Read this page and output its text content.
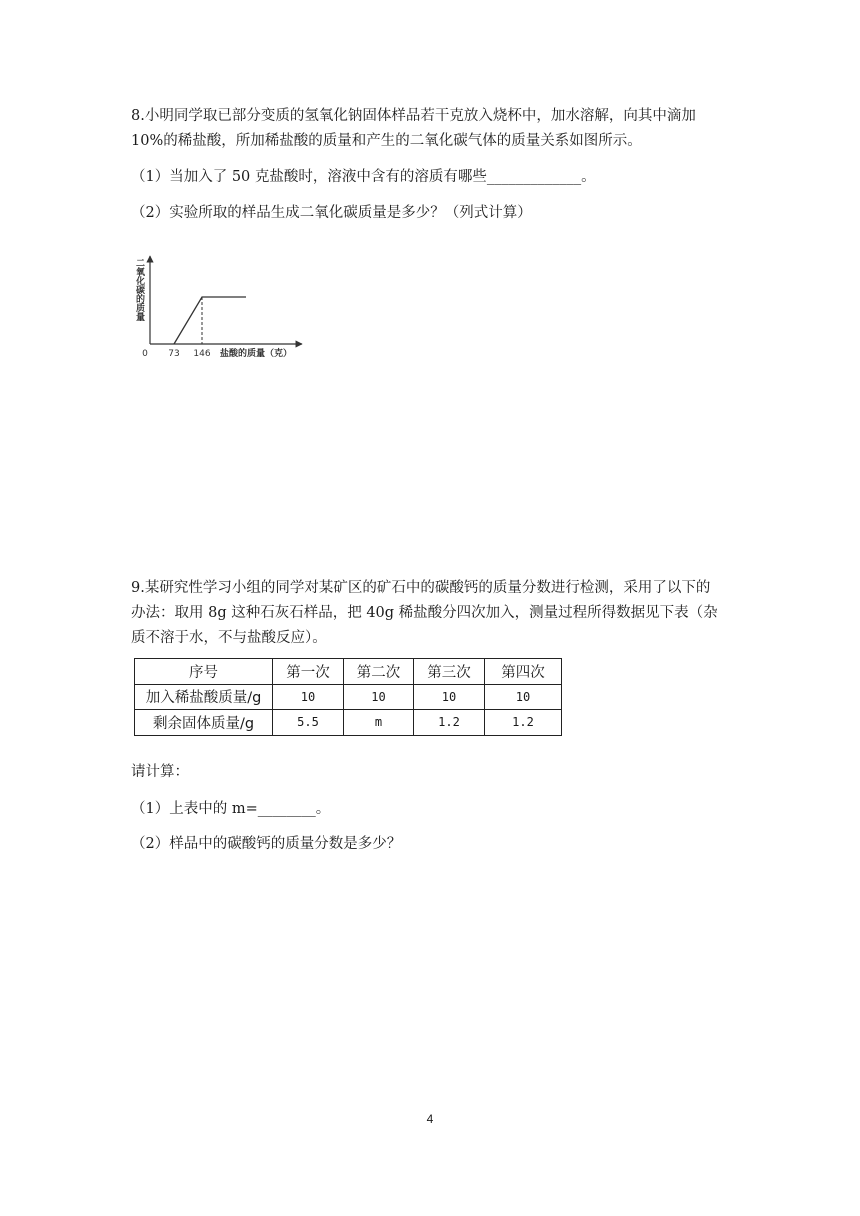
8.小明同学取已部分变质的氢氧化钠固体样品若干克放入烧杯中，加水溶解，向其中滴加

10%的稀盐酸，所加稀盐酸的质量和产生的二氧化碳气体的质量关系如图所示。

（1）当加入了 50 克盐酸时，溶液中含有的溶质有哪些_____________。

（2）实验所取的样品生成二氧化碳质量是多少？（列式计算）

二氧化碳的质量
0 73 146 盐酸的质量（克）

9.某研究性学习小组的同学对某矿区的矿石中的碳酸钙的质量分数进行检测，采用了以下的

办法：取用 8g 这种石灰石样品，把 40g 稀盐酸分四次加入，测量过程所得数据见下表（杂

质不溶于水，不与盐酸反应）。

序号	第一次	第二次	第三次	第四次
加入稀盐酸质量/g	10	10	10	10
剩余固体质量/g	5.5	m	1.2	1.2

请计算：

（1）上表中的 m=________。

（2）样品中的碳酸钙的质量分数是多少？

4
